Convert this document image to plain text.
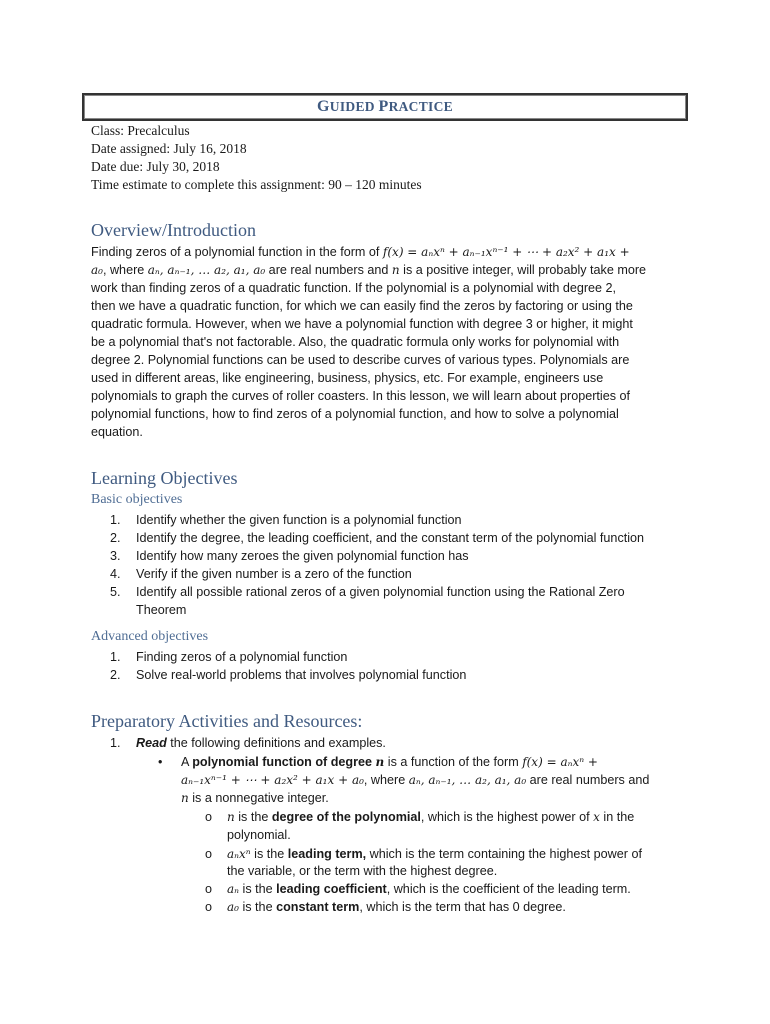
GUIDED PRACTICE
Class: Precalculus
Date assigned: July 16, 2018
Date due: July 30, 2018
Time estimate to complete this assignment: 90 – 120 minutes
Overview/Introduction
Finding zeros of a polynomial function in the form of f(x) = aₙxⁿ + aₙ₋₁xⁿ⁻¹ + ⋯ + a₂x² + a₁x +
a₀, where aₙ, aₙ₋₁, … a₂, a₁, a₀ are real numbers and n is a positive integer, will probably take more
work than finding zeros of a quadratic function. If the polynomial is a polynomial with degree 2,
then we have a quadratic function, for which we can easily find the zeros by factoring or using the
quadratic formula. However, when we have a polynomial function with degree 3 or higher, it might
be a polynomial that's not factorable. Also, the quadratic formula only works for polynomial with
degree 2. Polynomial functions can be used to describe curves of various types. Polynomials are
used in different areas, like engineering, business, physics, etc. For example, engineers use
polynomials to graph the curves of roller coasters. In this lesson, we will learn about properties of
polynomial functions, how to find zeros of a polynomial function, and how to solve a polynomial
equation.
Learning Objectives
Basic objectives
1. Identify whether the given function is a polynomial function
2. Identify the degree, the leading coefficient, and the constant term of the polynomial function
3. Identify how many zeroes the given polynomial function has
4. Verify if the given number is a zero of the function
5. Identify all possible rational zeros of a given polynomial function using the Rational Zero
Theorem
Advanced objectives
1. Finding zeros of a polynomial function
2. Solve real-world problems that involves polynomial function
Preparatory Activities and Resources:
1. Read the following definitions and examples.
• A polynomial function of degree n is a function of the form f(x) = aₙxⁿ +
aₙ₋₁xⁿ⁻¹ + ⋯ + a₂x² + a₁x + a₀, where aₙ, aₙ₋₁, … a₂, a₁, a₀ are real numbers and
n is a nonnegative integer.
o n is the degree of the polynomial, which is the highest power of x in the
polynomial.
o aₙxⁿ is the leading term, which is the term containing the highest power of
the variable, or the term with the highest degree.
o aₙ is the leading coefficient, which is the coefficient of the leading term.
o a₀ is the constant term, which is the term that has 0 degree.
